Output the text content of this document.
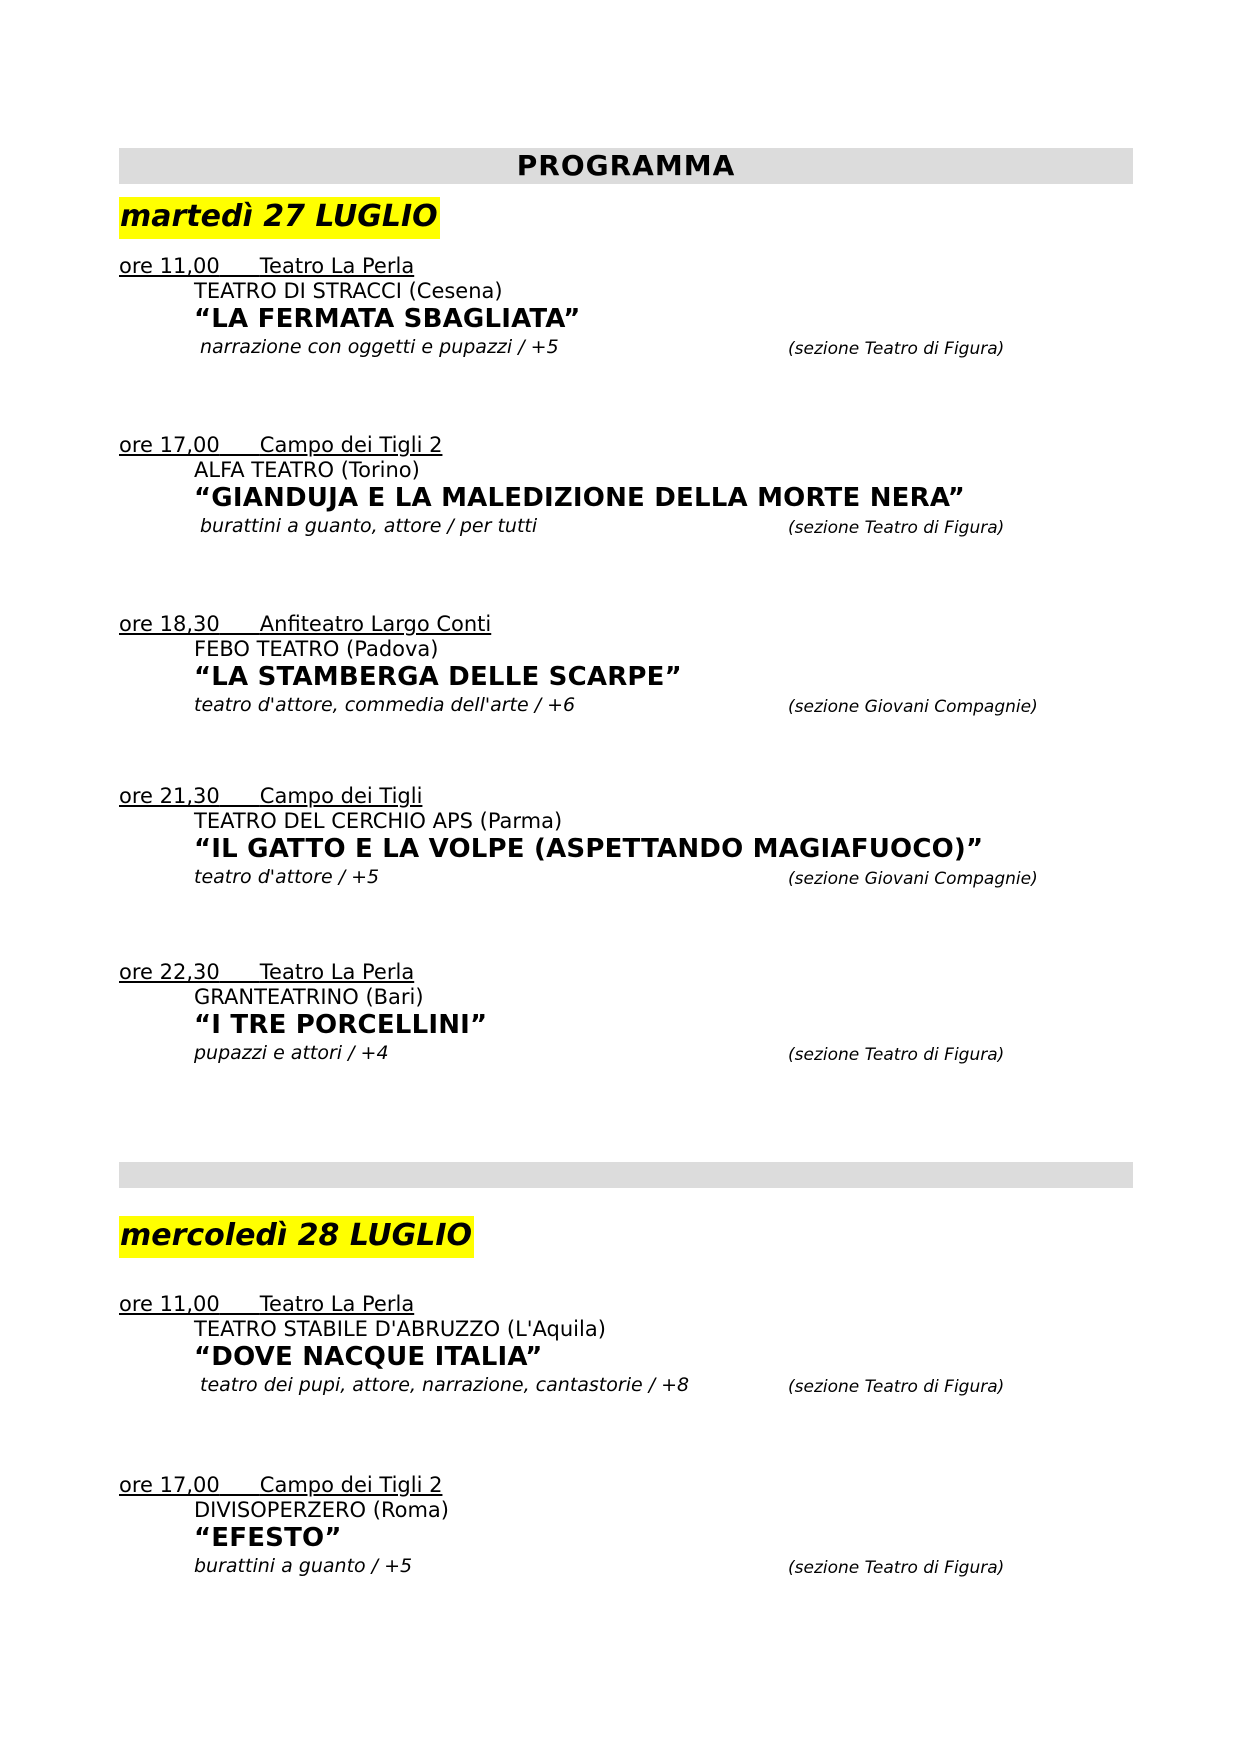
PROGRAMMA
martedì 27 LUGLIO
ore 11,00 Teatro La Perla
TEATRO DI STRACCI (Cesena)
“LA FERMATA SBAGLIATA”
narrazione con oggetti e pupazzi / +5	(sezione Teatro di Figura)
ore 17,00 Campo dei Tigli 2
ALFA TEATRO (Torino)
“GIANDUJA E LA MALEDIZIONE DELLA MORTE NERA”
burattini a guanto, attore / per tutti	(sezione Teatro di Figura)
ore 18,30 Anfiteatro Largo Conti
FEBO TEATRO (Padova)
“LA STAMBERGA DELLE SCARPE”
teatro d'attore, commedia dell'arte / +6	(sezione Giovani Compagnie)
ore 21,30 Campo dei Tigli
TEATRO DEL CERCHIO APS (Parma)
“IL GATTO E LA VOLPE (ASPETTANDO MAGIAFUOCO)”
teatro d'attore / +5	(sezione Giovani Compagnie)
ore 22,30 Teatro La Perla
GRANTEATRINO (Bari)
“I TRE PORCELLINI”
pupazzi e attori / +4	(sezione Teatro di Figura)
mercoledì 28 LUGLIO
ore 11,00 Teatro La Perla
TEATRO STABILE D'ABRUZZO (L'Aquila)
“DOVE NACQUE ITALIA”
teatro dei pupi, attore, narrazione, cantastorie / +8	(sezione Teatro di Figura)
ore 17,00 Campo dei Tigli 2
DIVISOPERZERO (Roma)
“EFESTO”
burattini a guanto / +5	(sezione Teatro di Figura)
